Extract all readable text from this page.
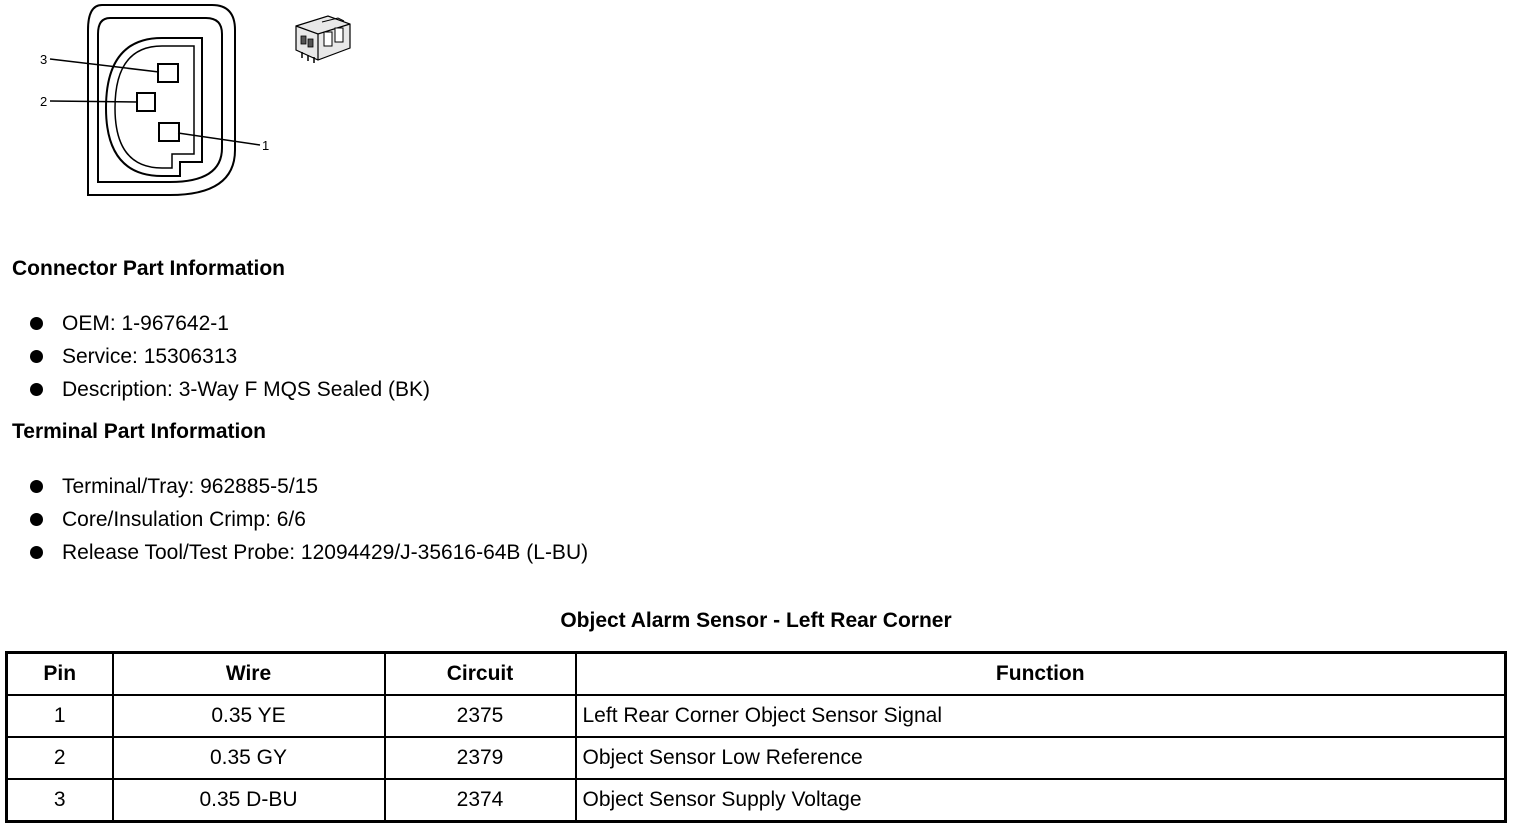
3
2
1
Connector Part Information
OEM: 1-967642-1
Service: 15306313
Description: 3-Way F MQS Sealed (BK)
Terminal Part Information
Terminal/Tray: 962885-5/15
Core/Insulation Crimp: 6/6
Release Tool/Test Probe: 12094429/J-35616-64B (L-BU)
Object Alarm Sensor - Left Rear Corner
Pin	Wire	Circuit	Function
1	0.35 YE	2375	Left Rear Corner Object Sensor Signal
2	0.35 GY	2379	Object Sensor Low Reference
3	0.35 D-BU	2374	Object Sensor Supply Voltage
